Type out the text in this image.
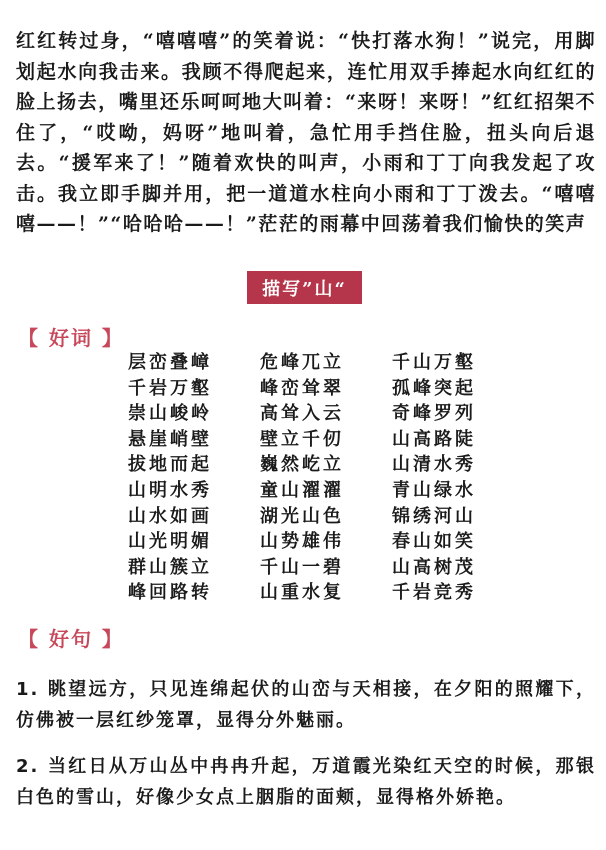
红红转过身，“嘻嘻嘻”的笑着说：“快打落水狗！”说完，用脚划起水向我击来。我顾不得爬起来，连忙用双手捧起水向红红的脸上扬去，嘴里还乐呵呵地大叫着：“来呀！来呀！”红红招架不住了，“哎呦，妈呀”地叫着，急忙用手挡住脸，扭头向后退去。“援军来了！”随着欢快的叫声，小雨和丁丁向我发起了攻击。我立即手脚并用，把一道道水柱向小雨和丁丁泼去。“嘻嘻嘻——！”“哈哈哈——！”茫茫的雨幕中回荡着我们愉快的笑声

描写”山“
【 好词 】
层峦叠嶂	危峰兀立	千山万壑
千岩万壑	峰峦耸翠	孤峰突起
崇山峻岭	高耸入云	奇峰罗列
悬崖峭壁	壁立千仞	山高路陡
拔地而起	巍然屹立	山清水秀
山明水秀	童山濯濯	青山绿水
山水如画	湖光山色	锦绣河山
山光明媚	山势雄伟	春山如笑
群山簇立	千山一碧	山高树茂
峰回路转	山重水复	千岩竞秀
【 好句 】

1. 眺望远方，只见连绵起伏的山峦与天相接，在夕阳的照耀下，仿佛被一层红纱笼罩，显得分外魅丽。

2. 当红日从万山丛中冉冉升起，万道霞光染红天空的时候，那银白色的雪山，好像少女点上胭脂的面颊，显得格外娇艳。
